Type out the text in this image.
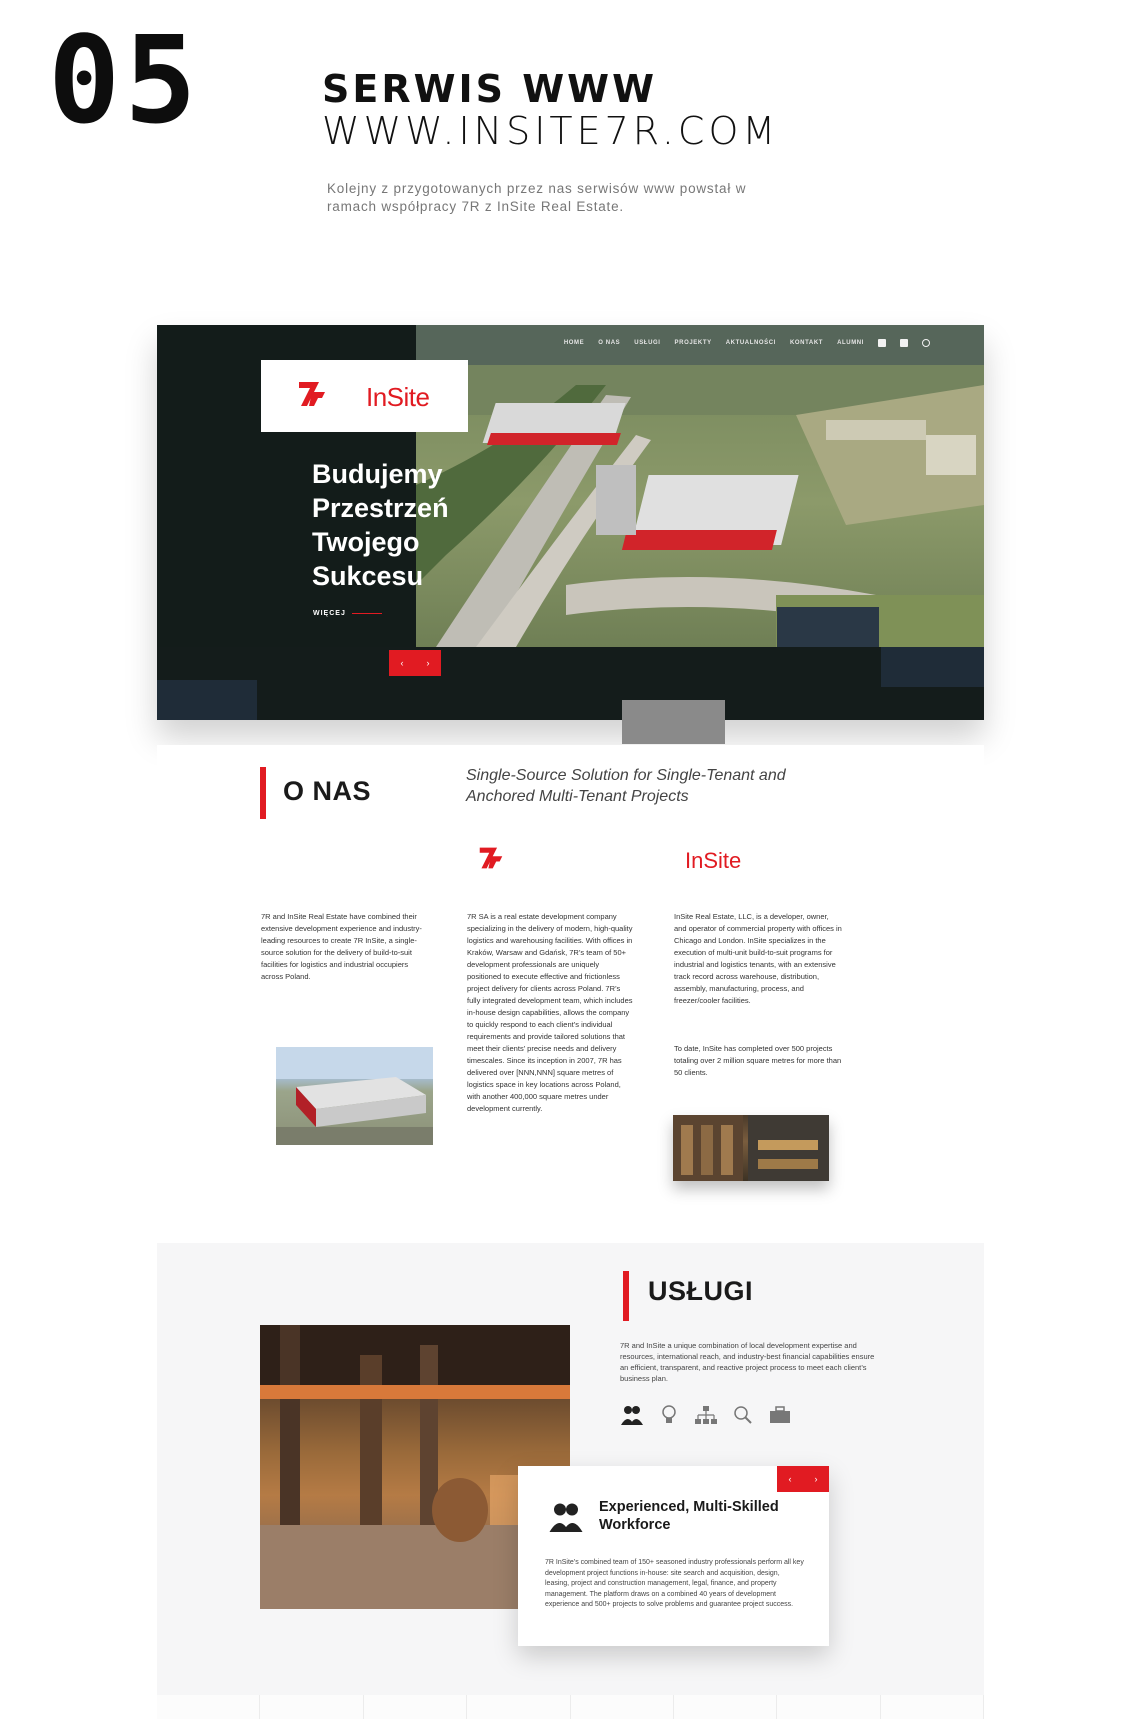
05	SERWIS WWW
WWW.INSITE7R.COM
Kolejny z przygotowanych przez nas serwisów www powstał w ramach współpracy 7R z InSite Real Estate.
HOME O NAS USŁUGI PROJEKTY AKTUALNOŚCI KONTAKT ALUMNI
InSite
Budujemy Przestrzeń Twojego Sukcesu
WIĘCEJ
‹	›
O NAS
Single-Source Solution for Single-Tenant and Anchored Multi-Tenant Projects
InSite
7R and InSite Real Estate have combined their extensive development experience and industry-leading resources to create 7R InSite, a single-source solution for the delivery of build-to-suit facilities for logistics and industrial occupiers across Poland.
7R SA is a real estate development company specializing in the delivery of modern, high-quality logistics and warehousing facilities. With offices in Kraków, Warsaw and Gdańsk, 7R’s team of 50+ development professionals are uniquely positioned to execute effective and frictionless project delivery for clients across Poland. 7R’s fully integrated development team, which includes in-house design capabilities, allows the company to quickly respond to each client’s individual requirements and provide tailored solutions that meet their clients’ precise needs and delivery timescales. Since its inception in 2007, 7R has delivered over [NNN,NNN] square metres of logistics space in key locations across Poland, with another 400,000 square metres under development currently.
InSite Real Estate, LLC, is a developer, owner, and operator of commercial property with offices in Chicago and London. InSite specializes in the execution of multi-unit build-to-suit programs for industrial and logistics tenants, with an extensive track record across warehouse, distribution, assembly, manufacturing, process, and freezer/cooler facilities.
To date, InSite has completed over 500 projects totaling over 2 million square metres for more than 50 clients.
USŁUGI
7R and InSite a unique combination of local development expertise and resources, international reach, and industry-best financial capabilities ensure an efficient, transparent, and reactive project process to meet each client’s business plan.
‹	›
Experienced, Multi-Skilled Workforce
7R InSite’s combined team of 150+ seasoned industry professionals perform all key development project functions in-house: site search and acquisition, design, leasing, project and construction management, legal, finance, and property management. The platform draws on a combined 40 years of development experience and 500+ projects to solve problems and guarantee project success.
